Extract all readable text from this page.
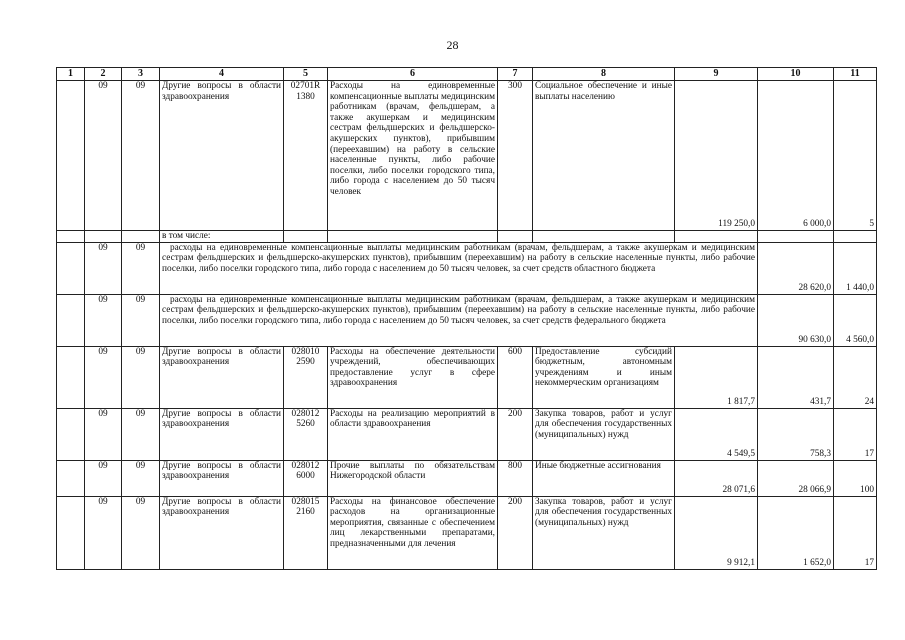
28
1	2	3	4	5	6	7	8	9	10	11	
	09	09	Другие вопросы в области здравоохранения	02701R 1380	Расходы на единовременные компенсационные выплаты медицинским работникам (врачам, фельдшерам, а также акушеркам и медицинским сестрам фельдшерских и фельдшерско-акушерских пунктов), прибывшим (переехавшим) на работу в сельские населенные пункты, либо рабочие поселки, либо поселки городского типа, либо города с населением до 50 тысяч человек	300	Социальное обеспечение и иные выплаты населению	119 250,0	6 000,0	5	
			в том числе:								
	09	09	расходы на единовременные компенсационные выплаты медицинским работникам (врачам, фельдшерам, а также акушеркам и медицинским сестрам фельдшерских и фельдшерско-акушерских пунктов), прибывшим (переехавшим) на работу в сельские населенные пункты, либо рабочие поселки, либо поселки городского типа, либо города с населением до 50 тысяч человек, за счет средств областного бюджета						28 620,0	1 440,0	
	09	09	расходы на единовременные компенсационные выплаты медицинским работникам (врачам, фельдшерам, а также акушеркам и медицинским сестрам фельдшерских и фельдшерско-акушерских пунктов), прибывшим (переехавшим) на работу в сельские населенные пункты, либо рабочие поселки, либо поселки городского типа, либо города с населением до 50 тысяч человек, за счет средств федерального бюджета						90 630,0	4 560,0	
	09	09	Другие вопросы в области здравоохранения	028010 2590	Расходы на обеспечение деятельности учреждений, обеспечивающих предоставление услуг в сфере здравоохранения	600	Предоставление субсидий бюджетным, автономным учреждениям и иным некоммерческим организациям	1 817,7	431,7	24	
	09	09	Другие вопросы в области здравоохранения	028012 5260	Расходы на реализацию мероприятий в области здравоохранения	200	Закупка товаров, работ и услуг для обеспечения государственных (муниципальных) нужд	4 549,5	758,3	17	
	09	09	Другие вопросы в области здравоохранения	028012 6000	Прочие выплаты по обязательствам Нижегородской области	800	Иные бюджетные ассигнования	28 071,6	28 066,9	100	
	09	09	Другие вопросы в области здравоохранения	028015 2160	Расходы на финансовое обеспечение расходов на организационные мероприятия, связанные с обеспечением лиц лекарственными препаратами, предназначенными для лечения	200	Закупка товаров, работ и услуг для обеспечения государственных (муниципальных) нужд	9 912,1	1 652,0	17	
